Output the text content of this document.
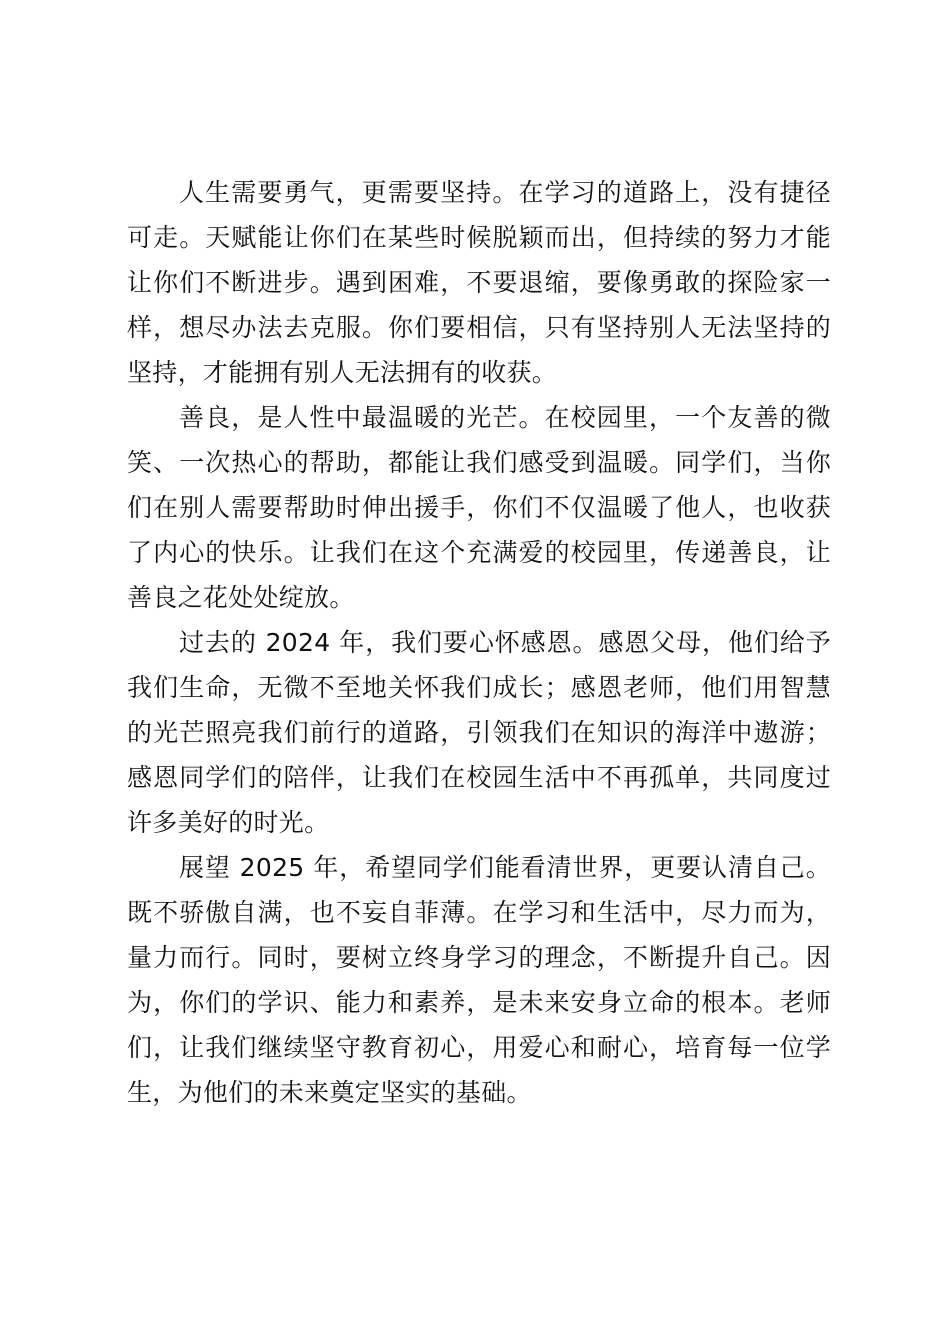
人生需要勇气，更需要坚持。在学习的道路上，没有捷径可走。天赋能让你们在某些时候脱颖而出，但持续的努力才能让你们不断进步。遇到困难，不要退缩，要像勇敢的探险家一样，想尽办法去克服。你们要相信，只有坚持别人无法坚持的坚持，才能拥有别人无法拥有的收获。

善良，是人性中最温暖的光芒。在校园里，一个友善的微笑、一次热心的帮助，都能让我们感受到温暖。同学们，当你们在别人需要帮助时伸出援手，你们不仅温暖了他人，也收获了内心的快乐。让我们在这个充满爱的校园里，传递善良，让善良之花处处绽放。

过去的 2024 年，我们要心怀感恩。感恩父母，他们给予我们生命，无微不至地关怀我们成长；感恩老师，他们用智慧的光芒照亮我们前行的道路，引领我们在知识的海洋中遨游；感恩同学们的陪伴，让我们在校园生活中不再孤单，共同度过许多美好的时光。

展望 2025 年，希望同学们能看清世界，更要认清自己。既不骄傲自满，也不妄自菲薄。在学习和生活中，尽力而为，量力而行。同时，要树立终身学习的理念，不断提升自己。因为，你们的学识、能力和素养，是未来安身立命的根本。老师们，让我们继续坚守教育初心，用爱心和耐心，培育每一位学生，为他们的未来奠定坚实的基础。
